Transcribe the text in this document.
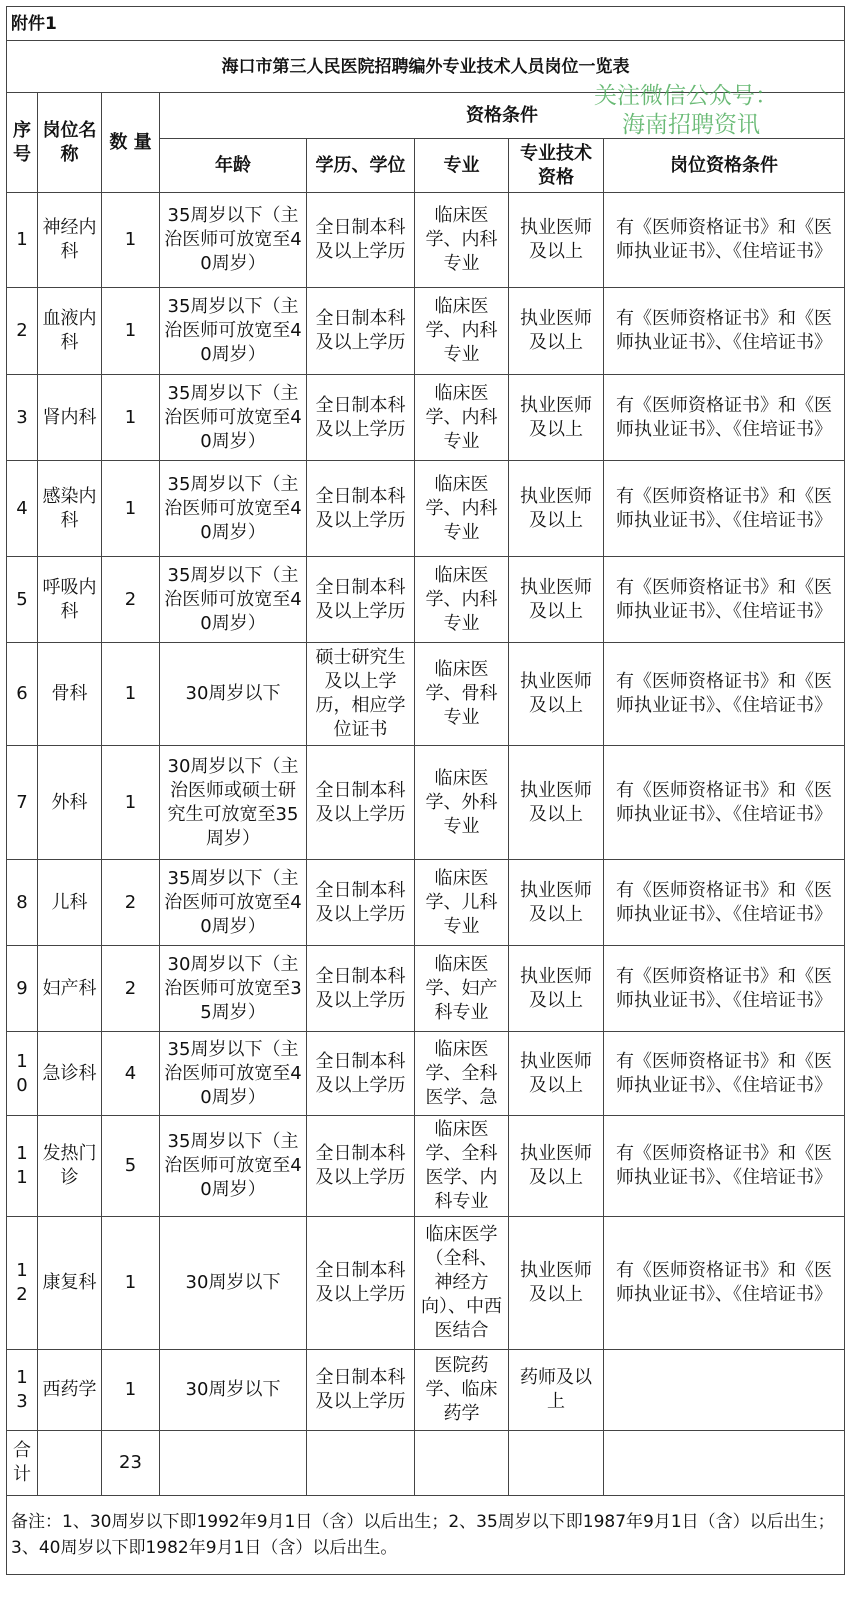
附件1							
海口市第三人民医院招聘编外专业技术人员岗位一览表							
序号	岗位名称	数 量	资格条件				
			年龄	学历、学位	专业	专业技术资格	岗位资格条件
1	神经内科	1	35周岁以下（主治医师可放宽至40周岁）	全日制本科及以上学历	临床医学、内科专业	执业医师及以上	有《医师资格证书》和《医师执业证书》、《住培证书》
2	血液内科	1	35周岁以下（主治医师可放宽至40周岁）	全日制本科及以上学历	临床医学、内科专业	执业医师及以上	有《医师资格证书》和《医师执业证书》、《住培证书》
3	肾内科	1	35周岁以下（主治医师可放宽至40周岁）	全日制本科及以上学历	临床医学、内科专业	执业医师及以上	有《医师资格证书》和《医师执业证书》、《住培证书》
4	感染内科	1	35周岁以下（主治医师可放宽至40周岁）	全日制本科及以上学历	临床医学、内科专业	执业医师及以上	有《医师资格证书》和《医师执业证书》、《住培证书》
5	呼吸内科	2	35周岁以下（主治医师可放宽至40周岁）	全日制本科及以上学历	临床医学、内科专业	执业医师及以上	有《医师资格证书》和《医师执业证书》、《住培证书》
6	骨科	1	30周岁以下	硕士研究生及以上学历，相应学位证书	临床医学、骨科专业	执业医师及以上	有《医师资格证书》和《医师执业证书》、《住培证书》
7	外科	1	30周岁以下（主治医师或硕士研究生可放宽至35周岁）	全日制本科及以上学历	临床医学、外科专业	执业医师及以上	有《医师资格证书》和《医师执业证书》、《住培证书》
8	儿科	2	35周岁以下（主治医师可放宽至40周岁）	全日制本科及以上学历	临床医学、儿科专业	执业医师及以上	有《医师资格证书》和《医师执业证书》、《住培证书》
9	妇产科	2	30周岁以下（主治医师可放宽至35周岁）	全日制本科及以上学历	临床医学、妇产科专业	执业医师及以上	有《医师资格证书》和《医师执业证书》、《住培证书》
10	急诊科	4	35周岁以下（主治医师可放宽至40周岁）	全日制本科及以上学历	临床医学、全科医学、急	执业医师及以上	有《医师资格证书》和《医师执业证书》、《住培证书》
11	发热门诊	5	35周岁以下（主治医师可放宽至40周岁）	全日制本科及以上学历	临床医学、全科医学、内科专业	执业医师及以上	有《医师资格证书》和《医师执业证书》、《住培证书》
12	康复科	1	30周岁以下	全日制本科及以上学历	临床医学（全科、神经方向）、中西医结合	执业医师及以上	有《医师资格证书》和《医师执业证书》、《住培证书》
13	西药学	1	30周岁以下	全日制本科及以上学历	医院药学、临床药学	药师及以上	
合计		23					
备注：1、30周岁以下即1992年9月1日（含）以后出生；2、35周岁以下即1987年9月1日（含）以后出生；3、40周岁以下即1982年9月1日（含）以后出生。							
关注微信公众号：
海南招聘资讯
